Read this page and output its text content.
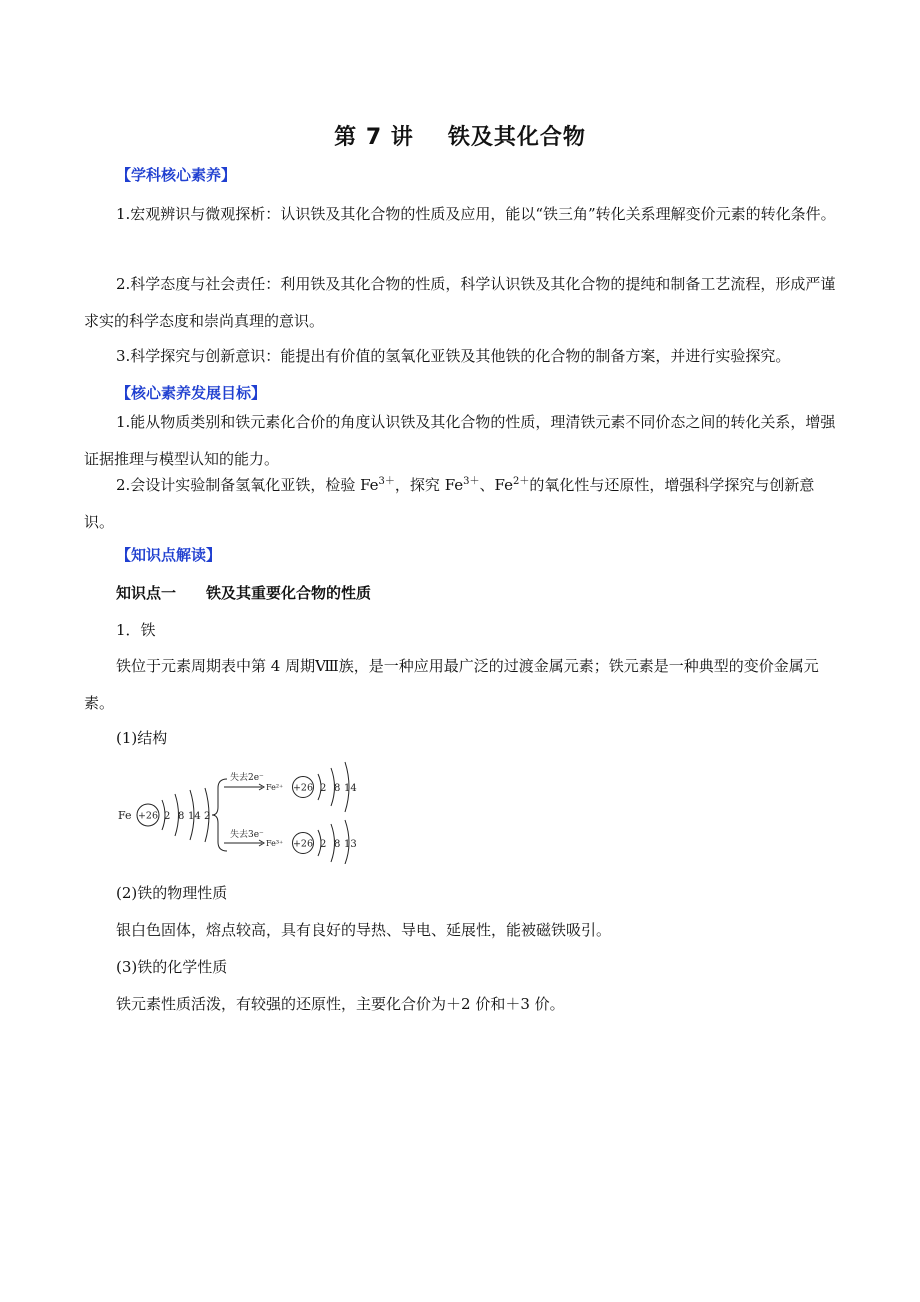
第 7 讲 铁及其化合物
【学科核心素养】
1.宏观辨识与微观探析：认识铁及其化合物的性质及应用，能以“铁三角”转化关系理解变价元素的转化条件。
2.科学态度与社会责任：利用铁及其化合物的性质，科学认识铁及其化合物的提纯和制备工艺流程，形成严谨求实的科学态度和崇尚真理的意识。
3.科学探究与创新意识：能提出有价值的氢氧化亚铁及其他铁的化合物的制备方案，并进行实验探究。
【核心素养发展目标】
1.能从物质类别和铁元素化合价的角度认识铁及其化合物的性质，理清铁元素不同价态之间的转化关系，增强证据推理与模型认知的能力。
2.会设计实验制备氢氧化亚铁，检验 $Fe^{3+}$，探究 $Fe^{3+}$、$Fe^{2+}$的氧化性与还原性，增强科学探究与创新意识。
【知识点解读】
知识点一　　铁及其重要化合物的性质
1．铁
铁位于元素周期表中第 4 周期Ⅷ族，是一种应用最广泛的过渡金属元素；铁元素是一种典型的变价金属元素。
(1)结构
Fe +26 2 8 14 2
失去2e⁻
Fe²⁺ +26 2 8 14
失去3e⁻
Fe³⁺ +26 2 8 13
(2)铁的物理性质
银白色固体，熔点较高，具有良好的导热、导电、延展性，能被磁铁吸引。
(3)铁的化学性质
铁元素性质活泼，有较强的还原性，主要化合价为＋2 价和＋3 价。
